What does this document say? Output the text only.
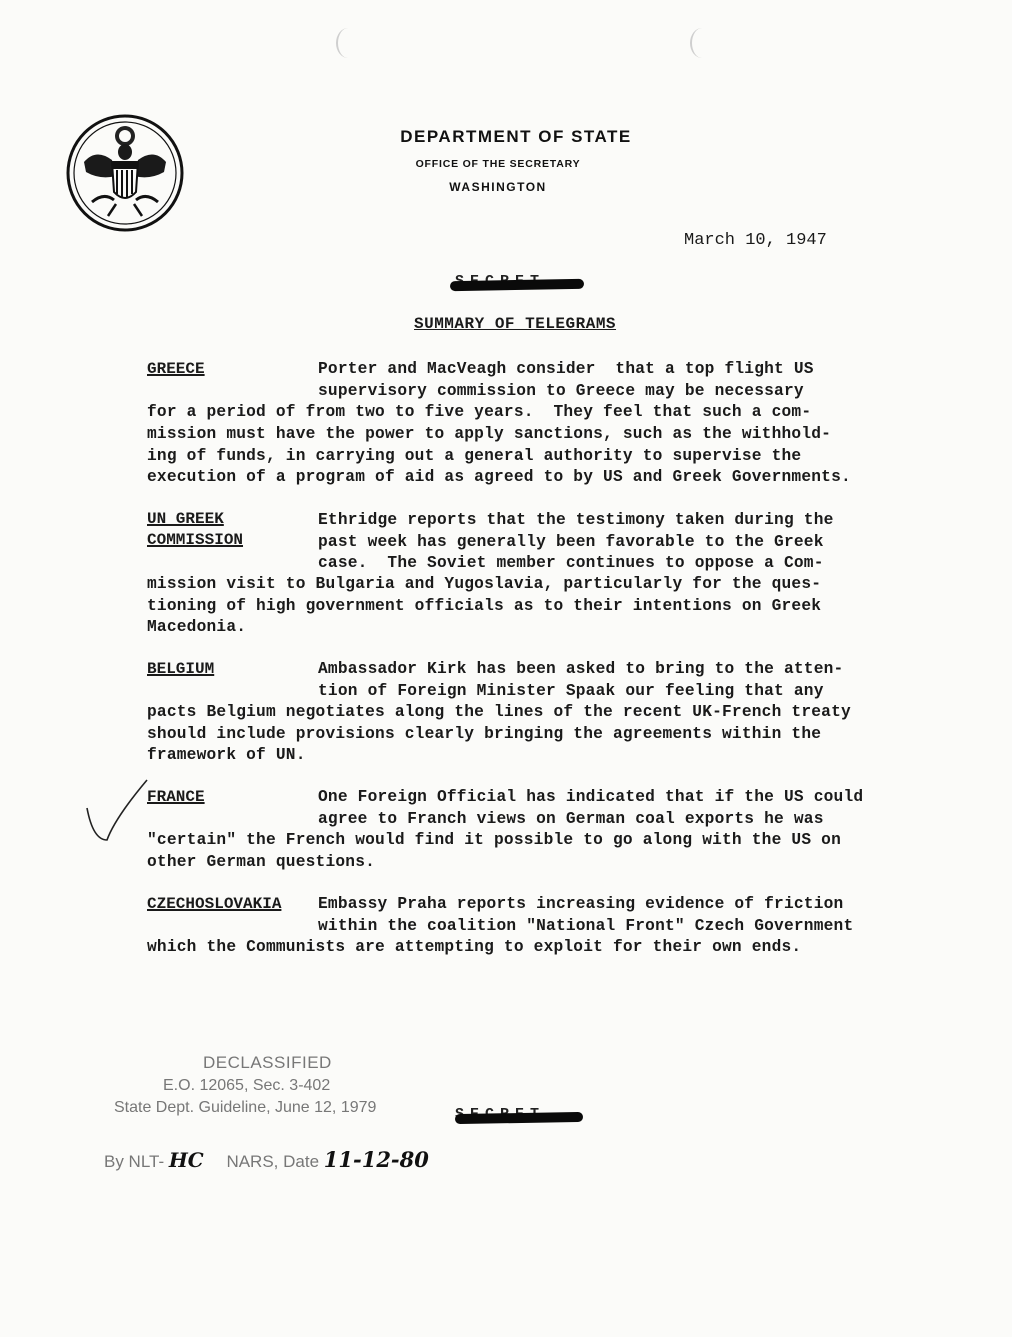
DEPARTMENT OF STATE
OFFICE OF THE SECRETARY
WASHINGTON
March 10, 1947
SUMMARY OF TELEGRAMS
GREECE	Porter and MacVeagh consider  that a top flight US
supervisory commission to Greece may be necessary
for a period of from two to five years.  They feel that such a com-
mission must have the power to apply sanctions, such as the withhold-
ing of funds, in carrying out a general authority to supervise the
execution of a program of aid as agreed to by US and Greek Governments.
UN GREEK
COMMISSION
Ethridge reports that the testimony taken during the
past week has generally been favorable to the Greek
case.  The Soviet member continues to oppose a Com-
mission visit to Bulgaria and Yugoslavia, particularly for the ques-
tioning of high government officials as to their intentions on Greek
Macedonia.
BELGIUM	Ambassador Kirk has been asked to bring to the atten-
tion of Foreign Minister Spaak our feeling that any
pacts Belgium negotiates along the lines of the recent UK-French treaty
should include provisions clearly bringing the agreements within the
framework of UN.
FRANCE	One Foreign Official has indicated that if the US could
agree to Franch views on German coal exports he was
"certain" the French would find it possible to go along with the US on
other German questions.
CZECHOSLOVAKIA Embassy Praha reports increasing evidence of friction
within the coalition "National Front" Czech Government
which the Communists are attempting to exploit for their own ends.
DECLASSIFIED
E.O. 12065, Sec. 3-402
State Dept. Guideline, June 12, 1979
By NLT- HC NARS, Date 11-12-80
